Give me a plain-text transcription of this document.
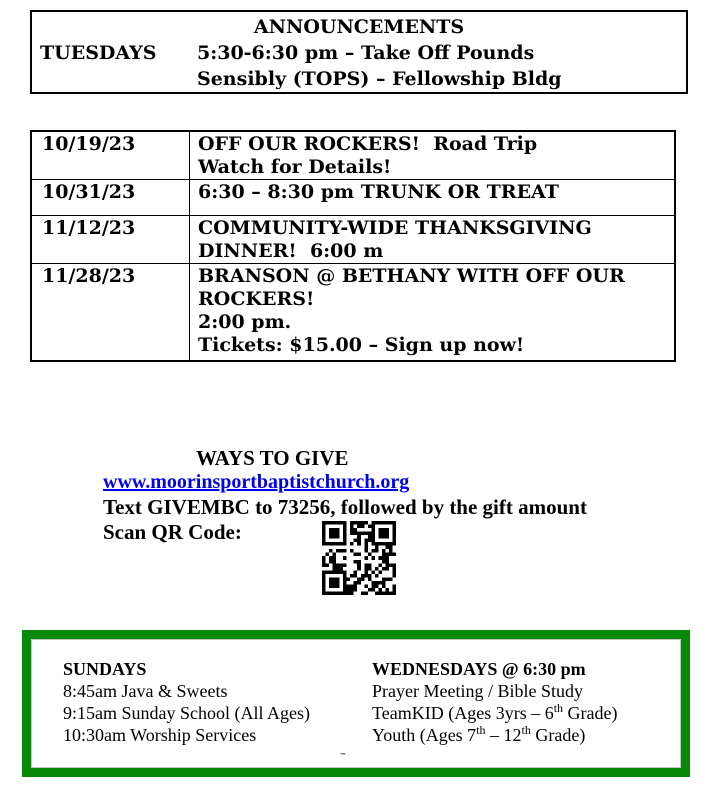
ANNOUNCEMENTS
TUESDAYS	5:30-6:30 pm – Take Off Pounds
Sensibly (TOPS) – Fellowship Bldg
10/19/23	OFF OUR ROCKERS!  Road Trip
Watch for Details!
10/31/23	6:30 – 8:30 pm TRUNK OR TREAT
11/12/23	COMMUNITY-WIDE THANKSGIVING
DINNER!  6:00 m
11/28/23	BRANSON @ BETHANY WITH OFF OUR
ROCKERS!
2:00 pm.
Tickets: $15.00 – Sign up now!
WAYS TO GIVE
www.moorinsportbaptistchurch.org
Text GIVEMBC to 73256, followed by the gift amount
Scan QR Code:
SUNDAYS
8:45am Java & Sweets
9:15am Sunday School (All Ages)
10:30am Worship Services
WEDNESDAYS @ 6:30 pm
Prayer Meeting / Bible Study
TeamKID (Ages 3yrs – 6th Grade)
Youth (Ages 7th – 12th Grade)
-
